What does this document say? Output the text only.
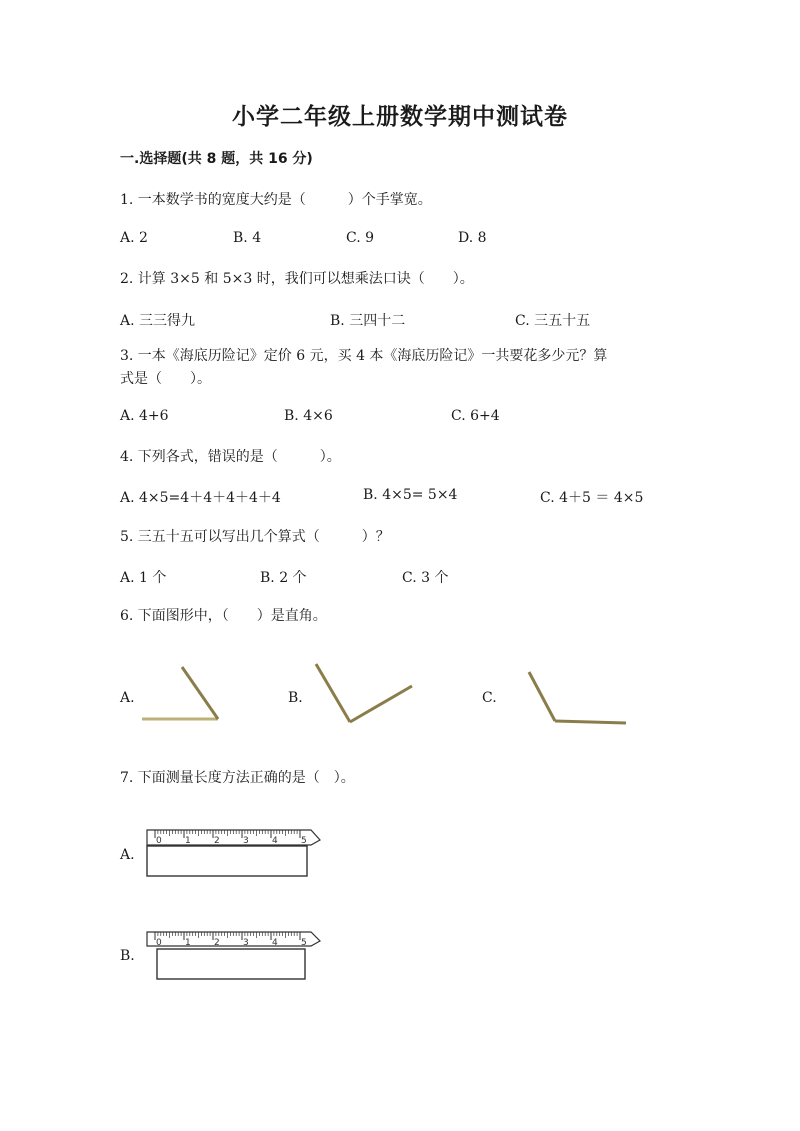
小学二年级上册数学期中测试卷
一.选择题(共 8 题，共 16 分)
1. 一本数学书的宽度大约是（　　　）个手掌宽。
A. 2	B. 4	C. 9	D. 8
2. 计算 3×5 和 5×3 时，我们可以想乘法口诀（　　）。
A. 三三得九	B. 三四十二	C. 三五十五
3. 一本《海底历险记》定价 6 元，买 4 本《海底历险记》一共要花多少元？算
式是（　　）。
A. 4+6	B. 4×6	C. 6+4
4. 下列各式，错误的是（　　　）。
A. 4×5=4＋4＋4＋4＋4	B. 4×5= 5×4	C. 4＋5 ＝ 4×5
5. 三五十五可以写出几个算式（　　　）？
A. 1 个	B. 2 个	C. 3 个
6. 下面图形中，（　　）是直角。
A.	B.	C.
0	1	2	3	4	5
0	1	2	3	4	5
7. 下面测量长度方法正确的是（　）。
A.
B.
